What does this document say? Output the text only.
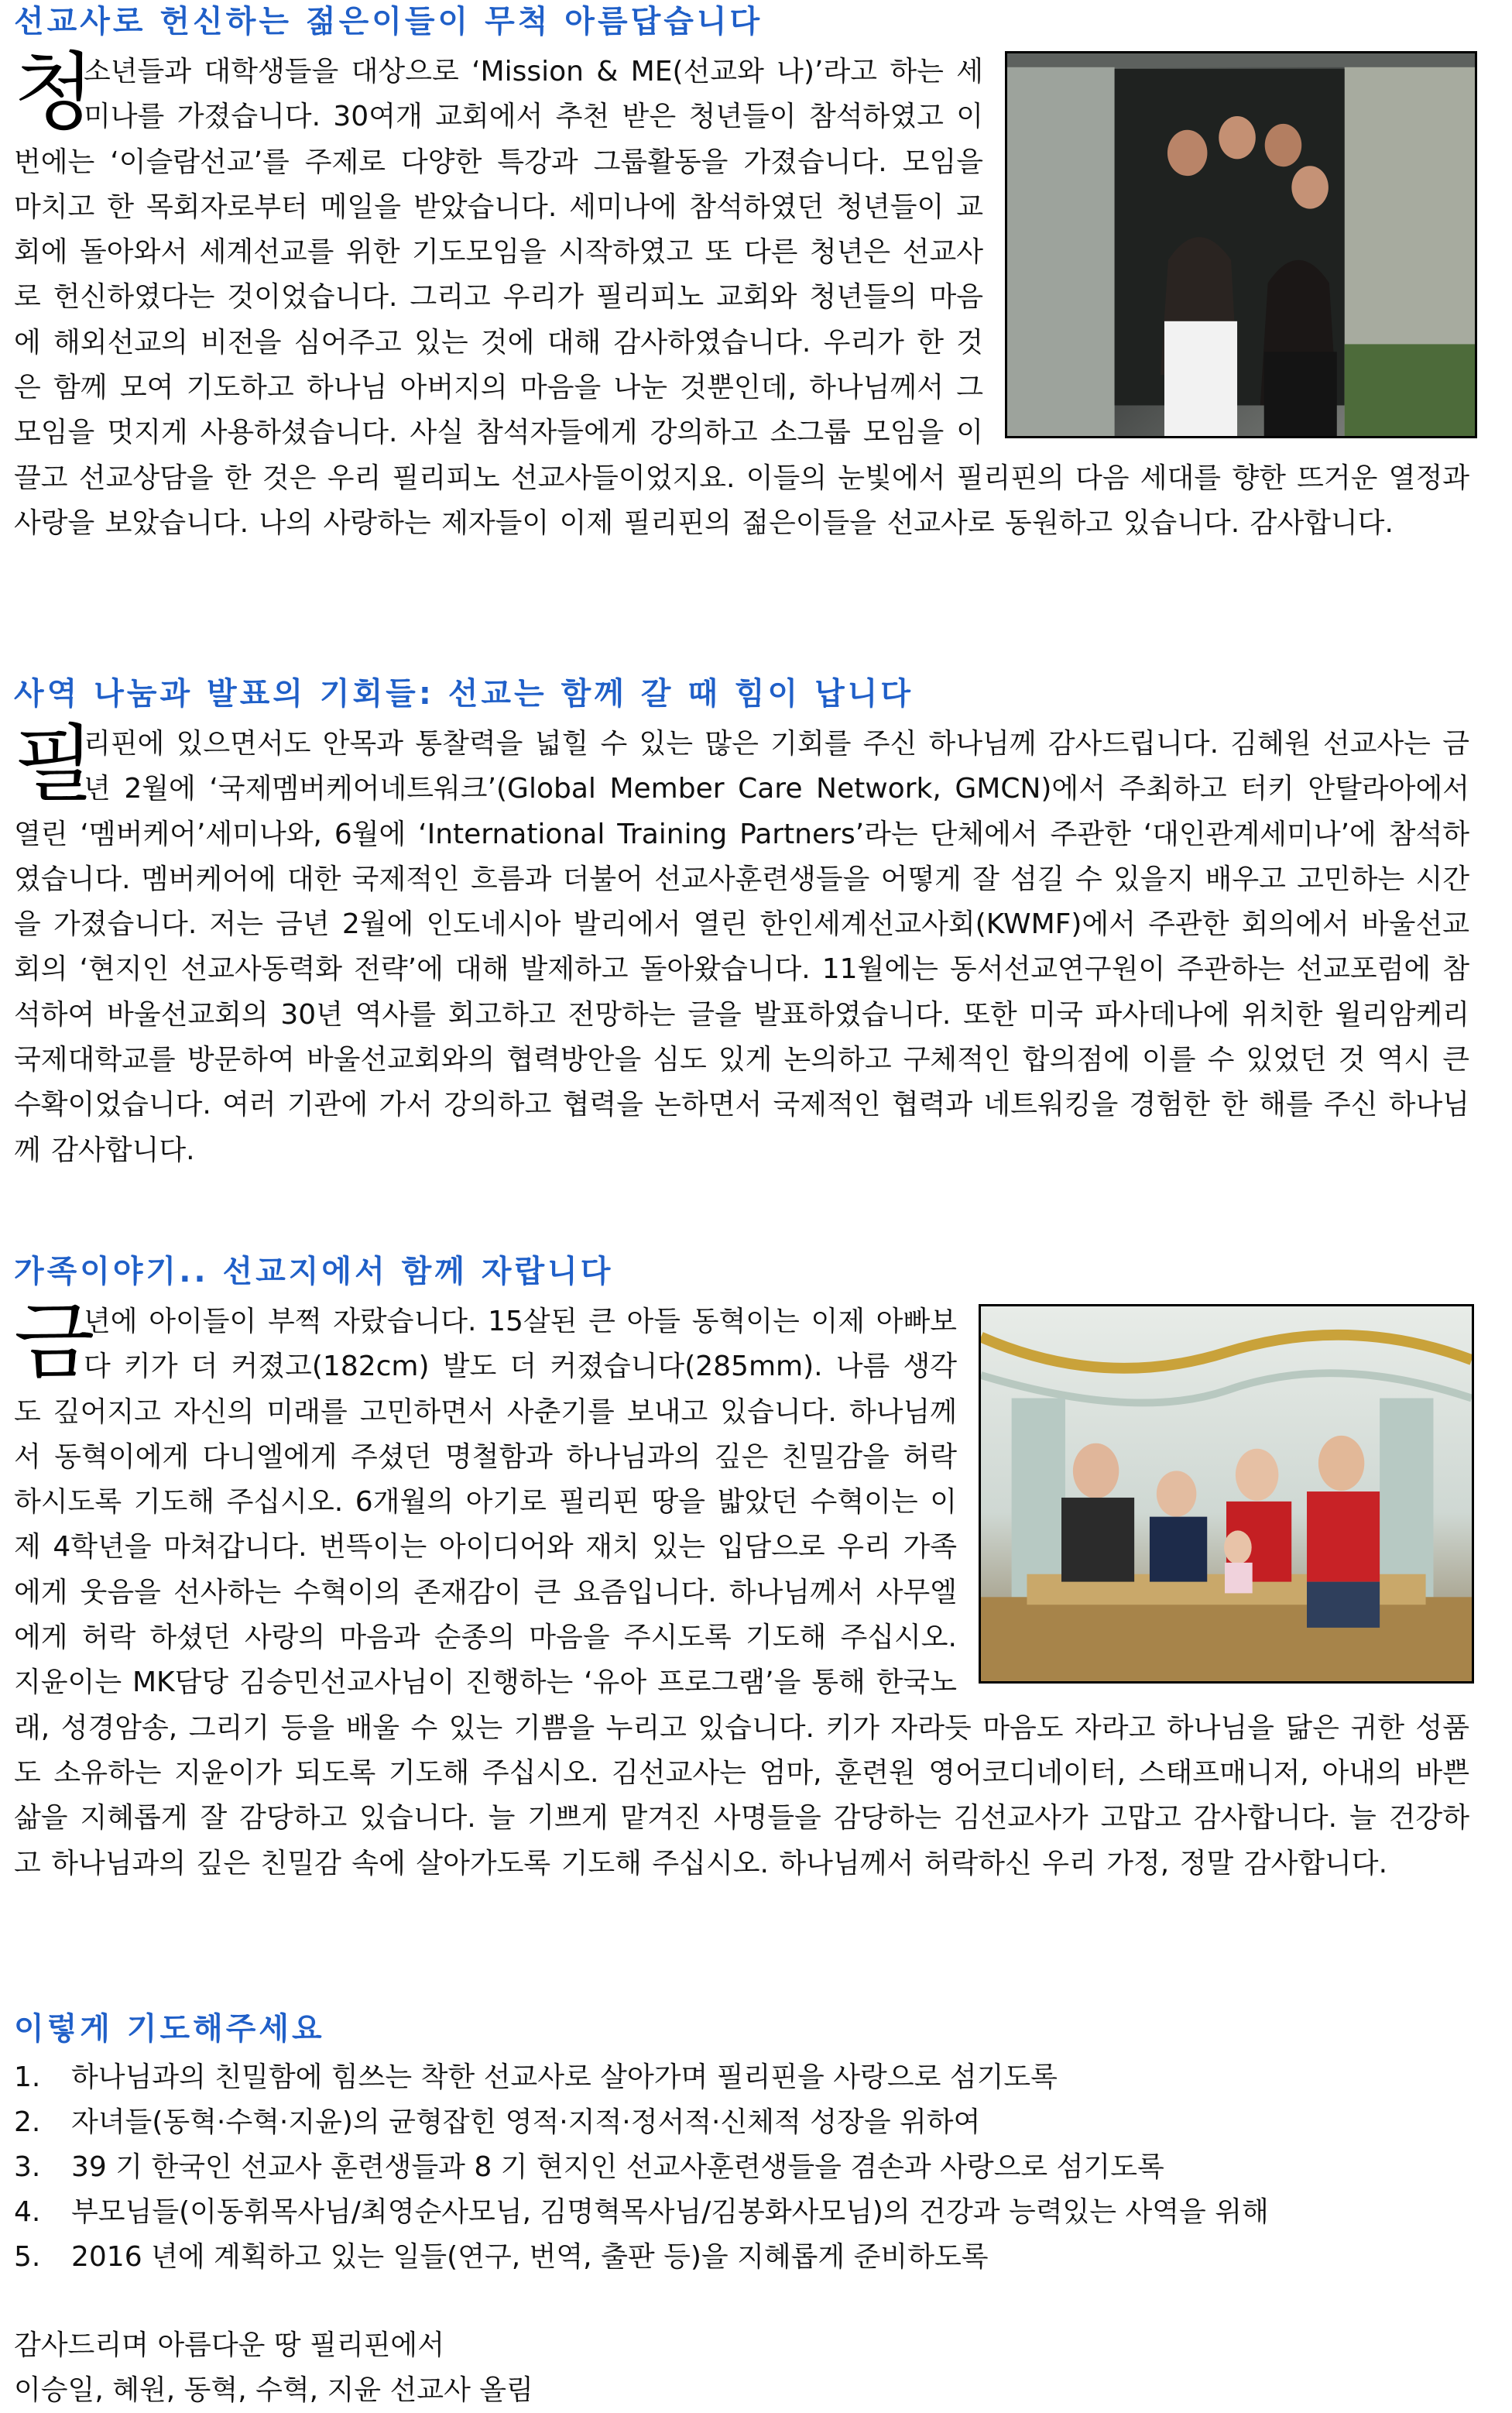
선교사로 헌신하는 젊은이들이 무척 아름답습니다
청
소년들과 대학생들을 대상으로 ‘Mission & ME(선교와 나)’라고 하는 세미나를 가졌습니다. 30여개 교회에서 추천 받은 청년들이 참석하였고 이번에는 ‘이슬람선교’를 주제로 다양한 특강과 그룹활동을 가졌습니다. 모임을 마치고 한 목회자로부터 메일을 받았습니다. 세미나에 참석하였던 청년들이 교회에 돌아와서 세계선교를 위한 기도모임을 시작하였고 또 다른 청년은 선교사로 헌신하였다는 것이었습니다. 그리고 우리가 필리피노 교회와 청년들의 마음에 해외선교의 비전을 심어주고 있는 것에 대해 감사하였습니다. 우리가 한 것은 함께 모여 기도하고 하나님 아버지의 마음을 나눈 것뿐인데, 하나님께서 그 모임을 멋지게 사용하셨습니다. 사실 참석자들에게 강의하고 소그룹 모임을 이끌고 선교상담을 한 것은 우리 필리피노 선교사들이었지요. 이들의 눈빛에서 필리핀의 다음 세대를 향한 뜨거운 열정과 사랑을 보았습니다. 나의 사랑하는 제자들이 이제 필리핀의 젊은이들을 선교사로 동원하고 있습니다. 감사합니다.
사역 나눔과 발표의 기회들: 선교는 함께 갈 때 힘이 납니다
필
리핀에 있으면서도 안목과 통찰력을 넓힐 수 있는 많은 기회를 주신 하나님께 감사드립니다. 김혜원 선교사는 금년 2월에 ‘국제멤버케어네트워크’(Global Member Care Network, GMCN)에서 주최하고 터키 안탈라아에서 열린 ‘멤버케어’세미나와, 6월에 ‘International Training Partners’라는 단체에서 주관한 ‘대인관계세미나’에 참석하였습니다. 멤버케어에 대한 국제적인 흐름과 더불어 선교사훈련생들을 어떻게 잘 섬길 수 있을지 배우고 고민하는 시간을 가졌습니다. 저는 금년 2월에 인도네시아 발리에서 열린 한인세계선교사회(KWMF)에서 주관한 회의에서 바울선교회의 ‘현지인 선교사동력화 전략’에 대해 발제하고 돌아왔습니다. 11월에는 동서선교연구원이 주관하는 선교포럼에 참석하여 바울선교회의 30년 역사를 회고하고 전망하는 글을 발표하였습니다. 또한 미국 파사데나에 위치한 윌리암케리 국제대학교를 방문하여 바울선교회와의 협력방안을 심도 있게 논의하고 구체적인 합의점에 이를 수 있었던 것 역시 큰 수확이었습니다. 여러 기관에 가서 강의하고 협력을 논하면서 국제적인 협력과 네트워킹을 경험한 한 해를 주신 하나님께 감사합니다.
가족이야기.. 선교지에서 함께 자랍니다
금
년에 아이들이 부쩍 자랐습니다. 15살된 큰 아들 동혁이는 이제 아빠보다 키가 더 커졌고(182cm) 발도 더 커졌습니다(285mm). 나름 생각도 깊어지고 자신의 미래를 고민하면서 사춘기를 보내고 있습니다. 하나님께서 동혁이에게 다니엘에게 주셨던 명철함과 하나님과의 깊은 친밀감을 허락하시도록 기도해 주십시오. 6개월의 아기로 필리핀 땅을 밟았던 수혁이는 이제 4학년을 마쳐갑니다. 번뜩이는 아이디어와 재치 있는 입담으로 우리 가족에게 웃음을 선사하는 수혁이의 존재감이 큰 요즘입니다. 하나님께서 사무엘에게 허락 하셨던 사랑의 마음과 순종의 마음을 주시도록 기도해 주십시오. 지윤이는 MK담당 김승민선교사님이 진행하는 ‘유아 프로그램’을 통해 한국노래, 성경암송, 그리기 등을 배울 수 있는 기쁨을 누리고 있습니다. 키가 자라듯 마음도 자라고 하나님을 닮은 귀한 성품도 소유하는 지윤이가 되도록 기도해 주십시오. 김선교사는 엄마, 훈련원 영어코디네이터, 스태프매니저, 아내의 바쁜 삶을 지혜롭게 잘 감당하고 있습니다. 늘 기쁘게 맡겨진 사명들을 감당하는 김선교사가 고맙고 감사합니다. 늘 건강하고 하나님과의 깊은 친밀감 속에 살아가도록 기도해 주십시오. 하나님께서 허락하신 우리 가정, 정말 감사합니다.
이렇게 기도해주세요
1. 하나님과의 친밀함에 힘쓰는 착한 선교사로 살아가며 필리핀을 사랑으로 섬기도록
2. 자녀들(동혁·수혁·지윤)의 균형잡힌 영적·지적·정서적·신체적 성장을 위하여
3. 39 기 한국인 선교사 훈련생들과 8 기 현지인 선교사훈련생들을 겸손과 사랑으로 섬기도록
4. 부모님들(이동휘목사님/최영순사모님, 김명혁목사님/김봉화사모님)의 건강과 능력있는 사역을 위해
5. 2016 년에 계획하고 있는 일들(연구, 번역, 출판 등)을 지혜롭게 준비하도록

감사드리며 아름다운 땅 필리핀에서

이승일, 혜원, 동혁, 수혁, 지윤 선교사 올림
